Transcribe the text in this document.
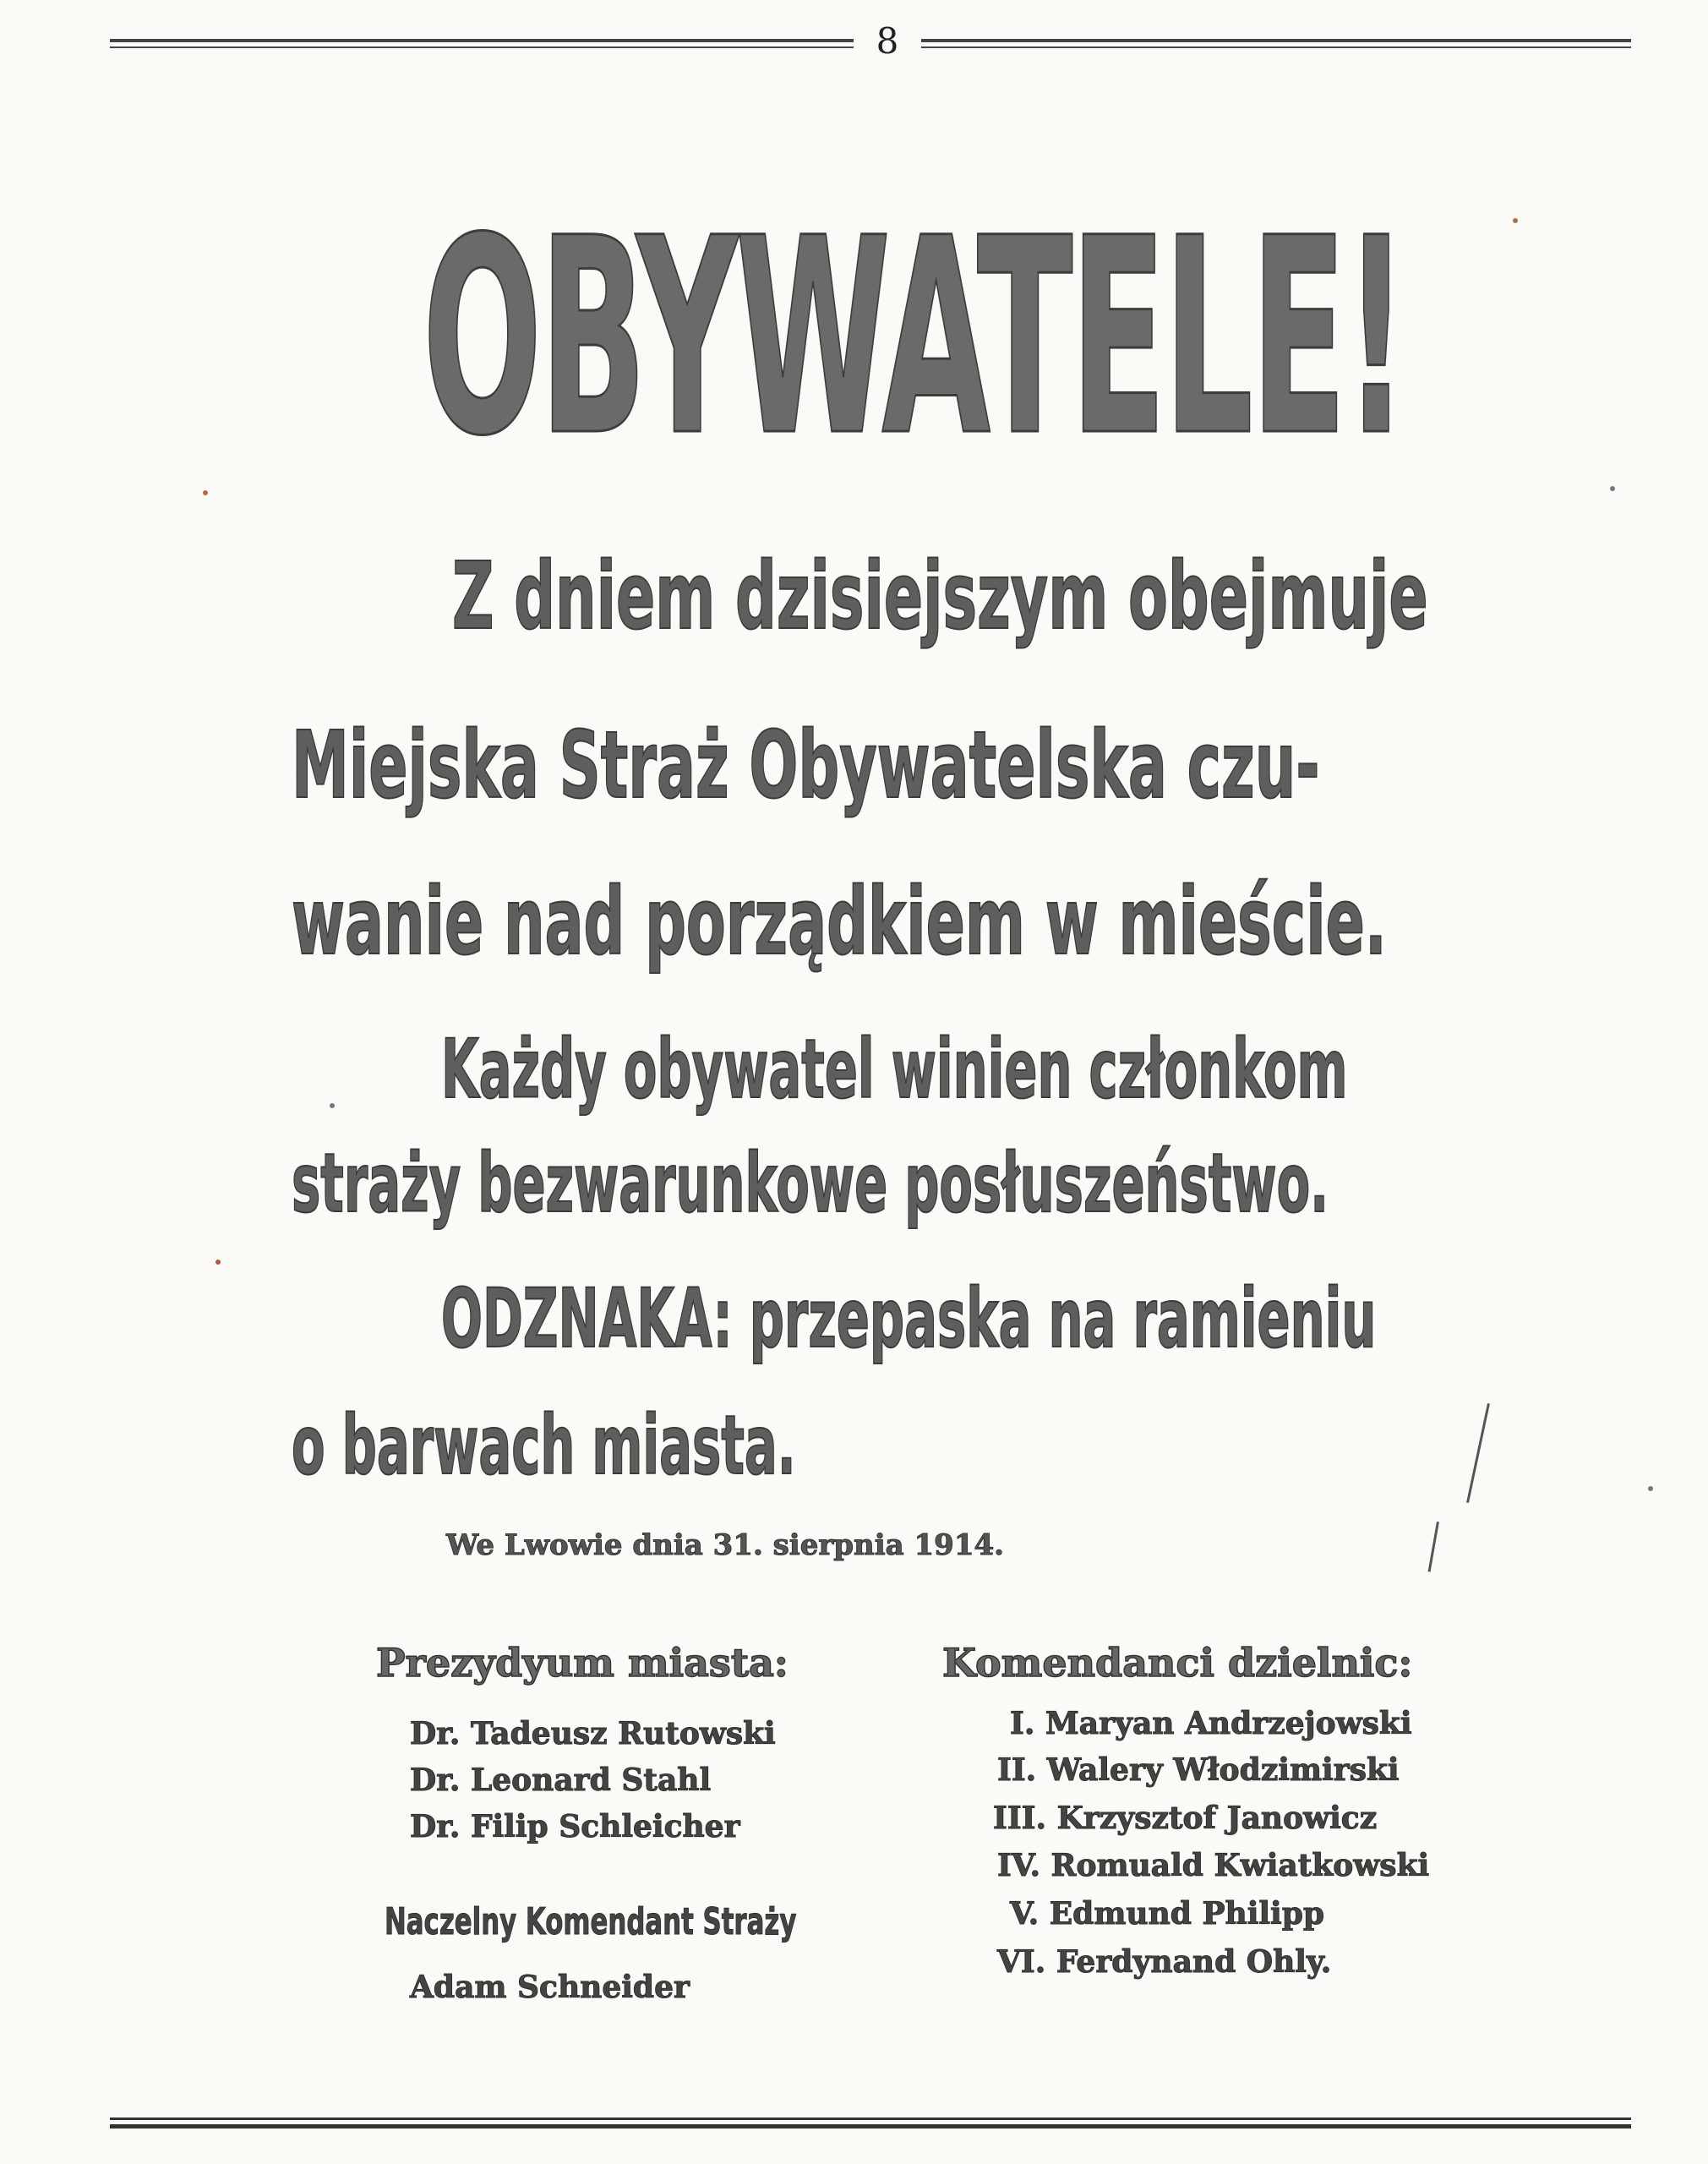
8
OBYWATELE!
Z dniem dzisiejszym obejmuje
Miejska Straż Obywatelska czu-
wanie nad porządkiem w mieście.
Każdy obywatel winien członkom
straży bezwarunkowe posłuszeństwo.
ODZNAKA: przepaska na ramieniu
o barwach miasta.
We Lwowie dnia 31. sierpnia 1914.
Prezydyum miasta:
Dr. Tadeusz Rutowski
Dr. Leonard Stahl
Dr. Filip Schleicher
Naczelny Komendant Straży
Adam Schneider
Komendanci dzielnic:
I. Maryan Andrzejowski
II. Walery Włodzimirski
III. Krzysztof Janowicz
IV. Romuald Kwiatkowski
V. Edmund Philipp
VI. Ferdynand Ohly.
